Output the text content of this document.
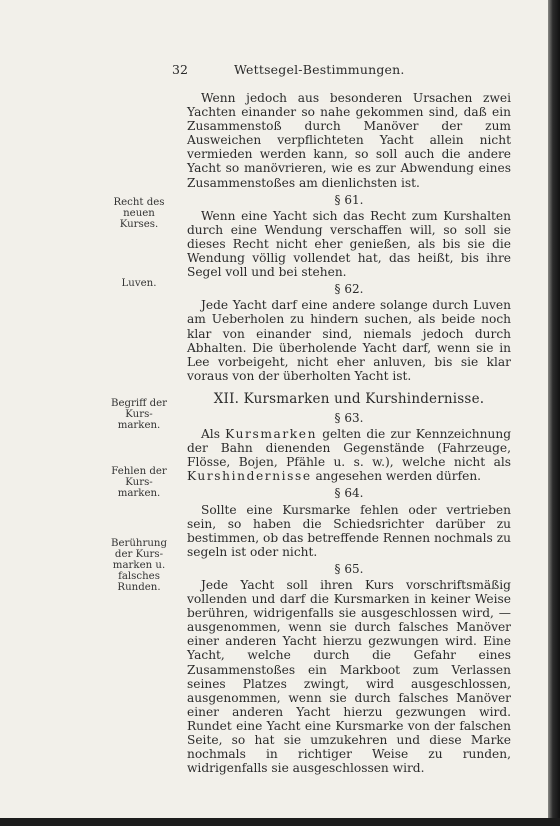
32	Wettsegel-Bestimmungen.

Wenn jedoch aus besonderen Ursachen zwei Yachten einander so nahe gekommen sind, daß ein Zusammenstoß durch Manöver der zum Ausweichen verpflichteten Yacht allein nicht vermieden werden kann, so soll auch die andere Yacht so manövrieren, wie es zur Abwendung eines Zusammenstoßes am dienlichsten ist.

§ 61.

Wenn eine Yacht sich das Recht zum Kurshalten durch eine Wendung verschaffen will, so soll sie dieses Recht nicht eher genießen, als bis sie die Wendung völlig vollendet hat, das heißt, bis ihre Segel voll und bei stehen.

§ 62.

Jede Yacht darf eine andere solange durch Luven am Ueberholen zu hindern suchen, als beide noch klar von einander sind, niemals jedoch durch Abhalten. Die überholende Yacht darf, wenn sie in Lee vorbeigeht, nicht eher anluven, bis sie klar voraus von der überholten Yacht ist.

XII. Kursmarken und Kurshindernisse.
§ 63.

Als Kursmarken gelten die zur Kennzeichnung der Bahn dienenden Gegenstände (Fahrzeuge, Flösse, Bojen, Pfähle u. s. w.), welche nicht als Kurshindernisse angesehen werden dürfen.

§ 64.

Sollte eine Kursmarke fehlen oder vertrieben sein, so haben die Schiedsrichter darüber zu bestimmen, ob das betreffende Rennen nochmals zu segeln ist oder nicht.

§ 65.

Jede Yacht soll ihren Kurs vorschriftsmäßig vollenden und darf die Kursmarken in keiner Weise berühren, widrigenfalls sie ausgeschlossen wird, — ausgenommen, wenn sie durch falsches Manöver einer anderen Yacht hierzu gezwungen wird. Eine Yacht, welche durch die Gefahr eines Zusammenstoßes ein Markboot zum Verlassen seines Platzes zwingt, wird ausgeschlossen, ausgenommen, wenn sie durch falsches Manöver einer anderen Yacht hierzu gezwungen wird. Rundet eine Yacht eine Kursmarke von der falschen Seite, so hat sie umzukehren und diese Marke nochmals in richtiger Weise zu runden, widrigenfalls sie ausgeschlossen wird.

Recht des neuen Kurses.
Luven.
Begriff der Kurs-marken.
Fehlen der Kurs-marken.
Berührung der Kurs-marken u. falsches Runden.
